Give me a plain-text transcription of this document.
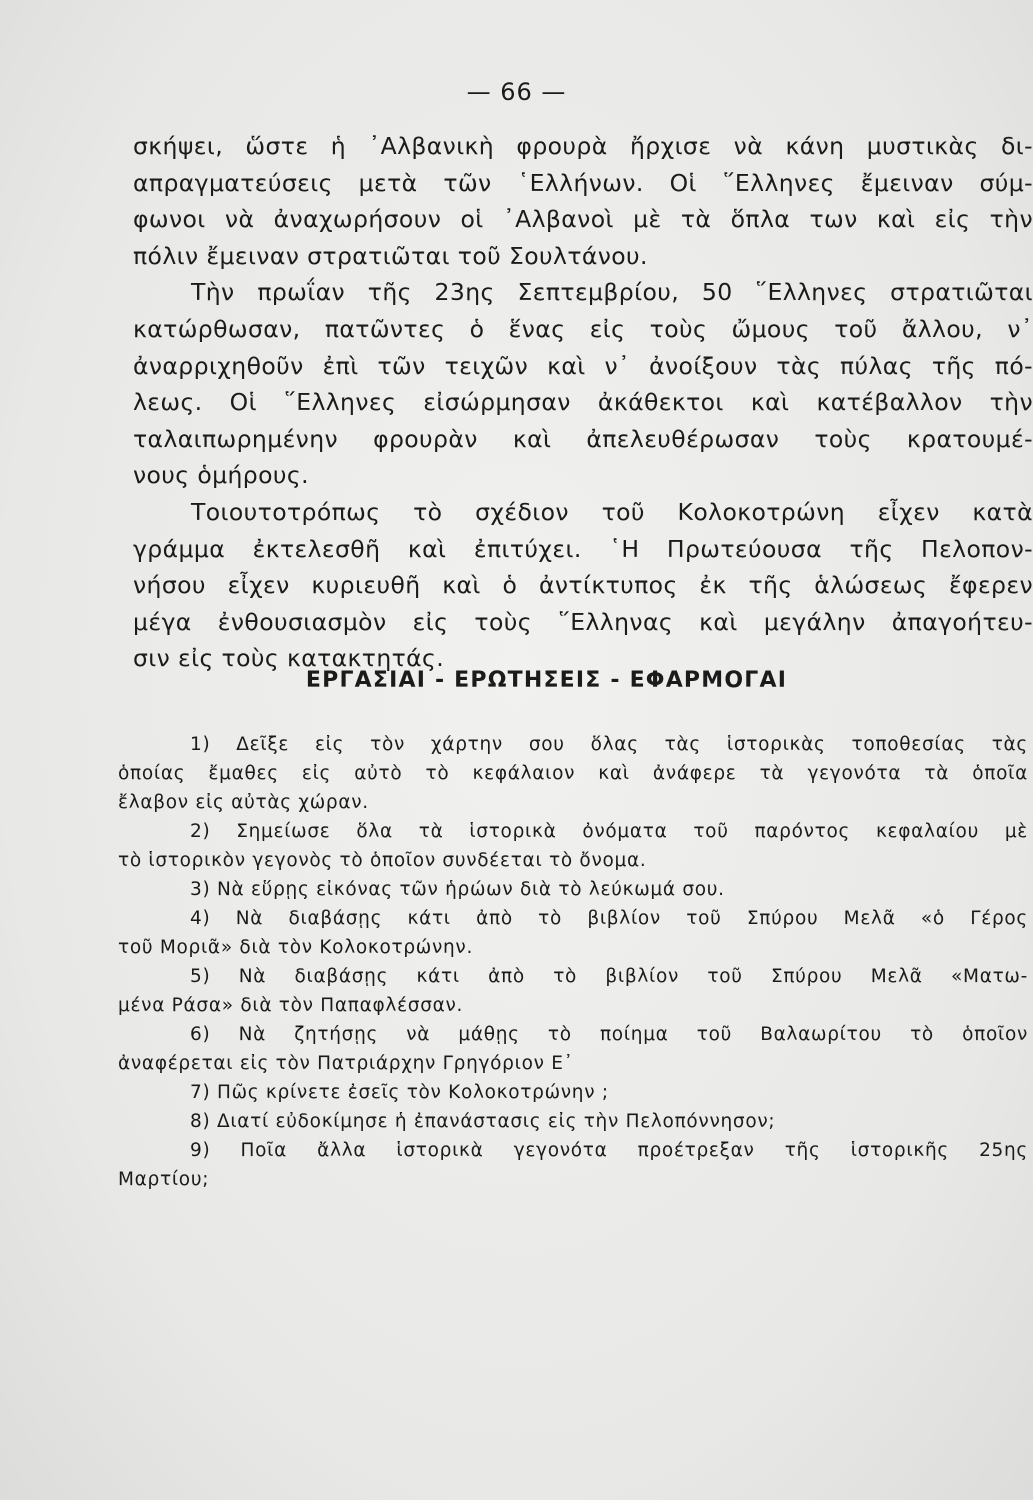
— 66 —
σκήψει, ὥστε ἡ ᾽Αλβανικὴ φρουρὰ ἤρχισε νὰ κάνη μυστικὰς δι-
απραγματεύσεις μετὰ τῶν ῾Ελλήνων. Οἱ ῞Ελληνες ἔμειναν σύμ-
φωνοι νὰ ἀναχωρήσουν οἱ ᾽Αλβανοὶ μὲ τὰ ὅπλα των καὶ εἰς τὴν
πόλιν ἔμειναν στρατιῶται τοῦ Σουλτάνου.
Τὴν πρωΐαν τῆς 23ης Σεπτεμβρίου, 50 ῞Ελληνες στρατιῶται
κατώρθωσαν, πατῶντες ὁ ἕνας εἰς τοὺς ὤμους τοῦ ἄλλου, ν᾽
ἀναρριχηθοῦν ἐπὶ τῶν τειχῶν καὶ ν᾽ ἀνοίξουν τὰς πύλας τῆς πό-
λεως. Οἱ ῞Ελληνες εἰσώρμησαν ἀκάθεκτοι καὶ κατέβαλλον τὴν
ταλαιπωρημένην φρουρὰν καὶ ἀπελευθέρωσαν τοὺς κρατουμέ-
νους ὁμήρους.
Τοιουτοτρόπως τὸ σχέδιον τοῦ Κολοκοτρώνη εἶχεν κατὰ
γράμμα ἐκτελεσθῆ καὶ ἐπιτύχει. ῾Η Πρωτεύουσα τῆς Πελοπον-
νήσου εἶχεν κυριευθῆ καὶ ὁ ἀντίκτυπος ἐκ τῆς ἁλώσεως ἔφερεν
μέγα ἐνθουσιασμὸν εἰς τοὺς ῞Ελληνας καὶ μεγάλην ἀπαγοήτευ-
σιν εἰς τοὺς κατακτητάς.
ΕΡΓΑΣΙΑΙ - ΕΡΩΤΗΣΕΙΣ - ΕΦΑΡΜΟΓΑΙ
1) Δεῖξε εἰς τὸν χάρτην σου ὅλας τὰς ἱστορικὰς τοποθεσίας τὰς
ὁποίας ἔμαθες εἰς αὐτὸ τὸ κεφάλαιον καὶ ἀνάφερε τὰ γεγονότα τὰ ὁποῖα
ἔλαβον εἰς αὐτὰς χώραν.
2) Σημείωσε ὅλα τὰ ἱστορικὰ ὀνόματα τοῦ παρόντος κεφαλαίου μὲ
τὸ ἱστορικὸν γεγονὸς τὸ ὁποῖον συνδέεται τὸ ὄνομα.
3) Νὰ εὕρῃς εἰκόνας τῶν ἡρώων διὰ τὸ λεύκωμά σου.
4) Νὰ διαβάσῃς κάτι ἀπὸ τὸ βιβλίον τοῦ Σπύρου Μελᾶ «ὁ Γέρος
τοῦ Μοριᾶ» διὰ τὸν Κολοκοτρώνην.
5) Νὰ διαβάσῃς κάτι ἀπὸ τὸ βιβλίον τοῦ Σπύρου Μελᾶ «Ματω-
μένα Ράσα» διὰ τὸν Παπαφλέσσαν.
6) Νὰ ζητήσῃς νὰ μάθῃς τὸ ποίημα τοῦ Βαλαωρίτου τὸ ὁποῖον
ἀναφέρεται εἰς τὸν Πατριάρχην Γρηγόριον Ε᾽
7) Πῶς κρίνετε ἐσεῖς τὸν Κολοκοτρώνην ;
8) Διατί εὐδοκίμησε ἡ ἐπανάστασις εἰς τὴν Πελοπόννησον;
9) Ποῖα ἄλλα ἱστορικὰ γεγονότα προέτρεξαν τῆς ἱστορικῆς 25ης
Μαρτίου;
